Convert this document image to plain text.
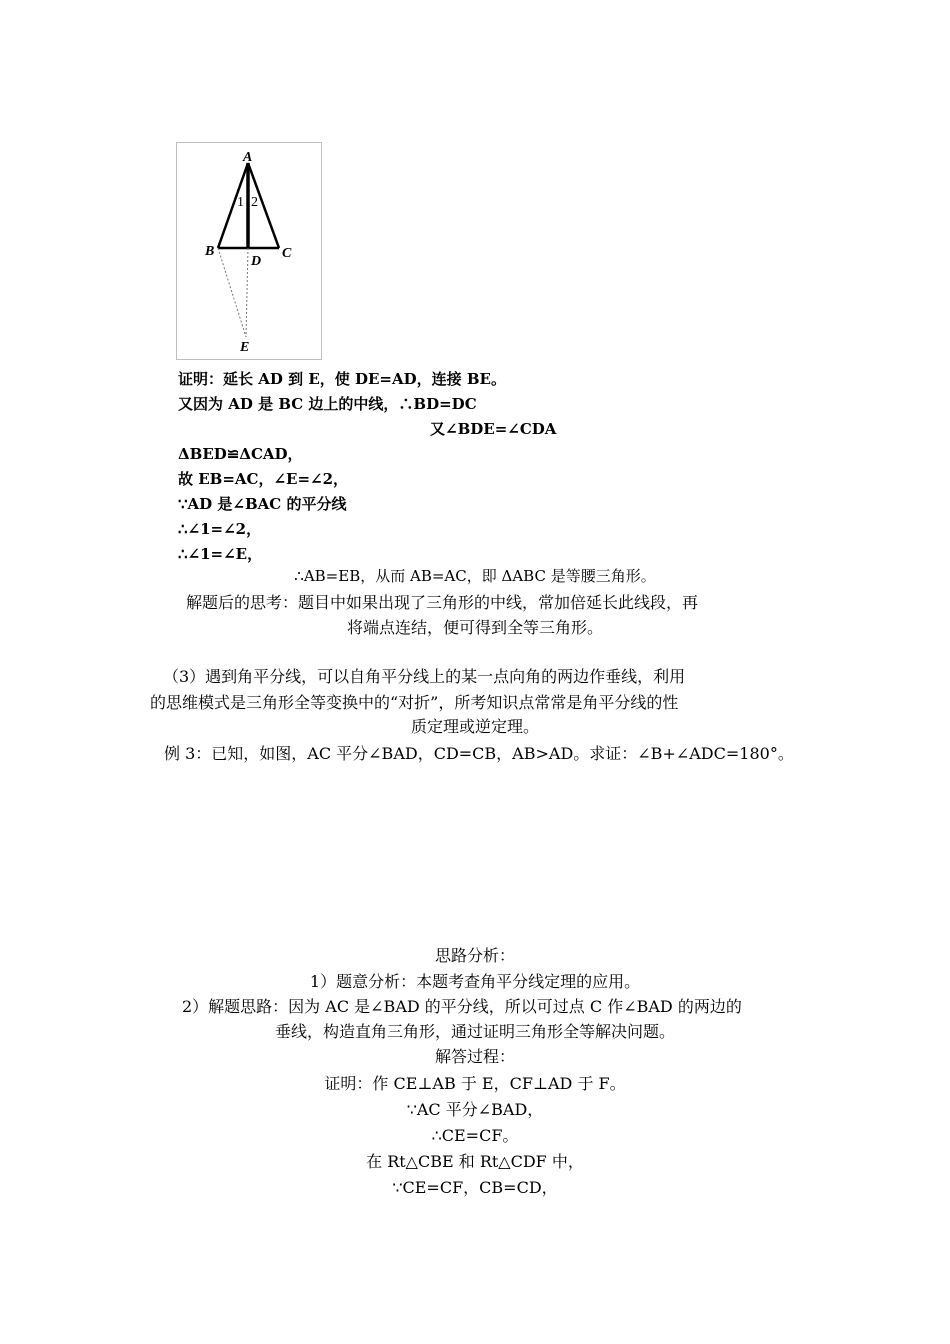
A
1 2
B	C
D
E
证明：延长 AD 到 E，使 DE=AD，连接 BE。
又因为 AD 是 BC 边上的中线，∴BD=DC
又∠BDE=∠CDA
ΔBED≌ΔCAD，
故 EB=AC，∠E=∠2，
∵AD 是∠BAC 的平分线
∴∠1=∠2，
∴∠1=∠E，
∴AB=EB，从而 AB=AC，即 ΔABC 是等腰三角形。
解题后的思考：题目中如果出现了三角形的中线，常加倍延长此线段，再
将端点连结，便可得到全等三角形。
（3）遇到角平分线，可以自角平分线上的某一点向角的两边作垂线，利用
的思维模式是三角形全等变换中的“对折”，所考知识点常常是角平分线的性
质定理或逆定理。
例 3：已知，如图，AC 平分∠BAD，CD=CB，AB>AD。求证：∠B+∠ADC=180°。
思路分析：
1）题意分析：本题考查角平分线定理的应用。
2）解题思路：因为 AC 是∠BAD 的平分线，所以可过点 C 作∠BAD 的两边的
垂线，构造直角三角形，通过证明三角形全等解决问题。
解答过程：
证明：作 CE⊥AB 于 E，CF⊥AD 于 F。
∵AC 平分∠BAD，
∴CE=CF。
在 Rt△CBE 和 Rt△CDF 中，
∵CE=CF，CB=CD，
